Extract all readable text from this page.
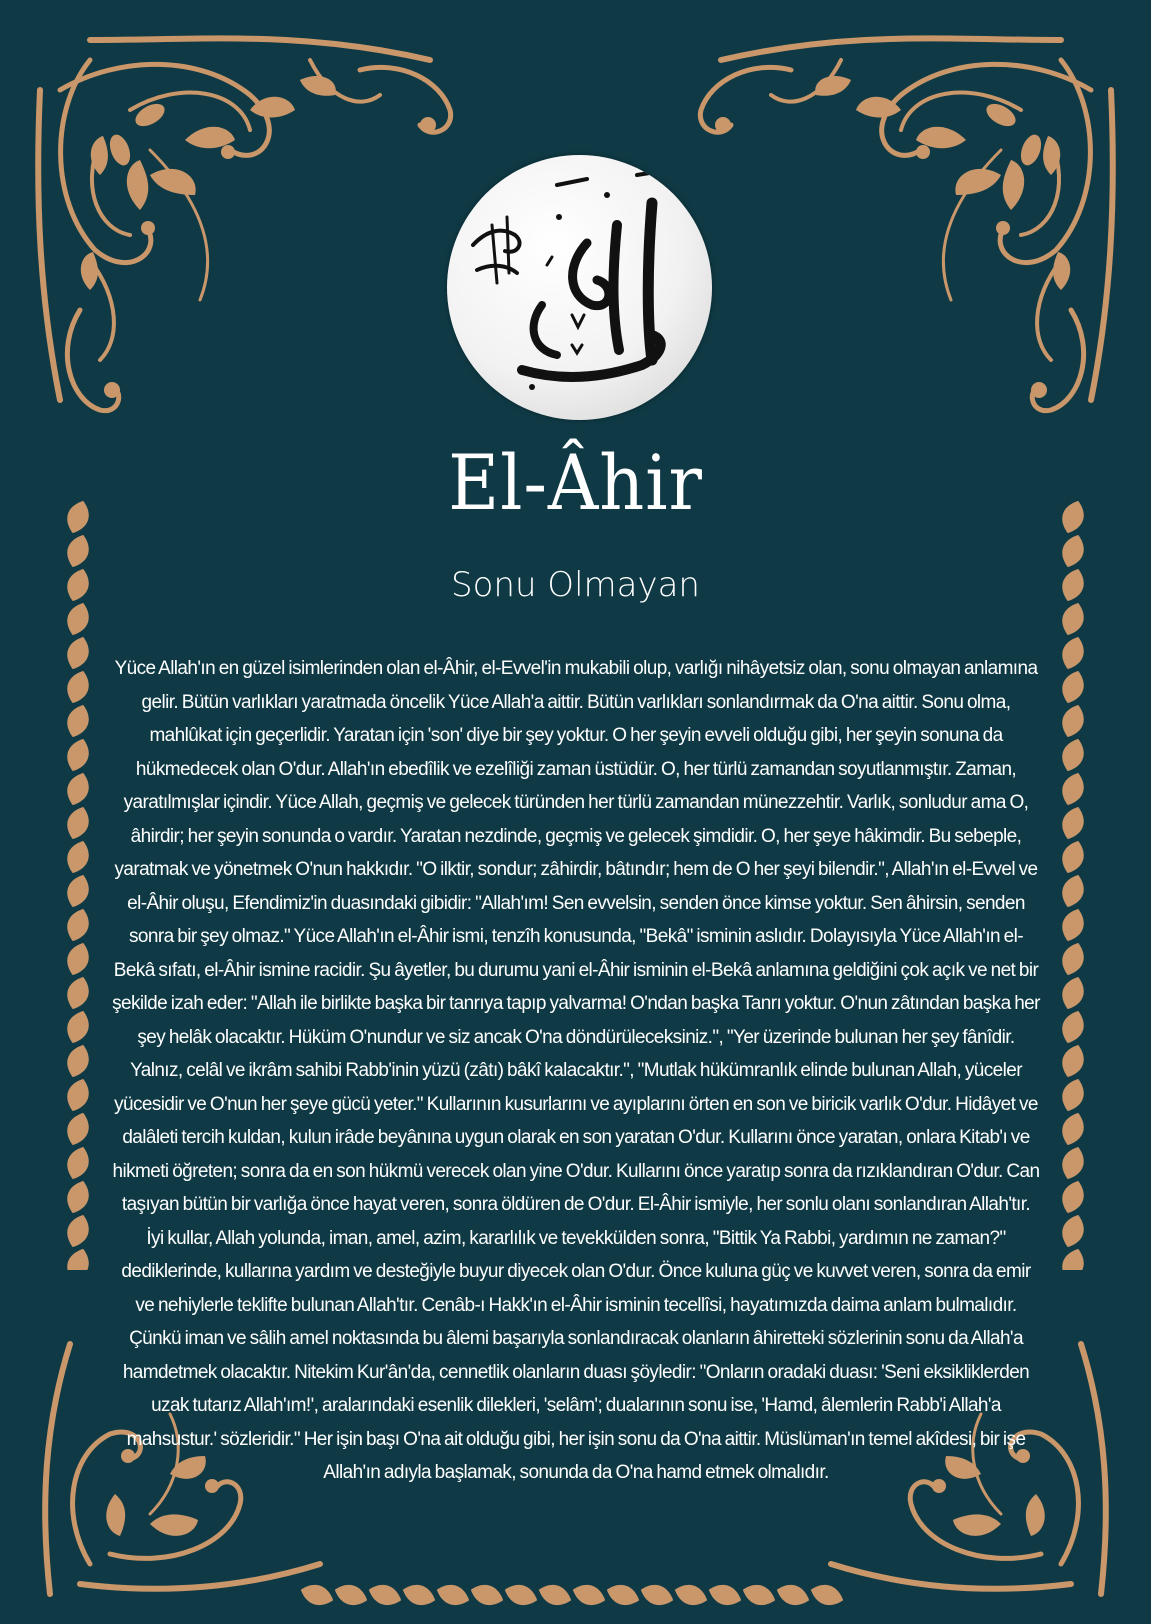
El-Âhir
Sonu Olmayan

Yüce Allah'ın en güzel isimlerinden olan el-Âhir, el-Evvel'in mukabili olup, varlığı nihâyetsiz olan, sonu olmayan anlamına gelir. Bütün varlıkları yaratmada öncelik Yüce Allah'a aittir. Bütün varlıkları sonlandırmak da O'na aittir. Sonu olma, mahlûkat için geçerlidir. Yaratan için 'son' diye bir şey yoktur. O her şeyin evveli olduğu gibi, her şeyin sonuna da hükmedecek olan O'dur. Allah'ın ebedîlik ve ezelîliği zaman üstüdür. O, her türlü zamandan soyutlanmıştır. Zaman, yaratılmışlar içindir. Yüce Allah, geçmiş ve gelecek türünden her türlü zamandan münezzehtir. Varlık, sonludur ama O, âhirdir; her şeyin sonunda o vardır. Yaratan nezdinde, geçmiş ve gelecek şimdidir. O, her şeye hâkimdir. Bu sebeple, yaratmak ve yönetmek O'nun hakkıdır. "O ilktir, sondur; zâhirdir, bâtındır; hem de O her şeyi bilendir.", Allah'ın el-Evvel ve el-Âhir oluşu, Efendimiz'in duasındaki gibidir: "Allah'ım! Sen evvelsin, senden önce kimse yoktur. Sen âhirsin, senden sonra bir şey olmaz." Yüce Allah'ın el-Âhir ismi, tenzîh konusunda, "Bekâ" isminin aslıdır. Dolayısıyla Yüce Allah'ın el-Bekâ sıfatı, el-Âhir ismine racidir. Şu âyetler, bu durumu yani el-Âhir isminin el-Bekâ anlamına geldiğini çok açık ve net bir şekilde izah eder: "Allah ile birlikte başka bir tanrıya tapıp yalvarma! O'ndan başka Tanrı yoktur. O'nun zâtından başka her şey helâk olacaktır. Hüküm O'nundur ve siz ancak O'na döndürüleceksiniz.", "Yer üzerinde bulunan her şey fânîdir. Yalnız, celâl ve ikrâm sahibi Rabb'inin yüzü (zâtı) bâkî kalacaktır.", "Mutlak hükümranlık elinde bulunan Allah, yüceler yücesidir ve O'nun her şeye gücü yeter." Kullarının kusurlarını ve ayıplarını örten en son ve biricik varlık O'dur. Hidâyet ve dalâleti tercih kuldan, kulun irâde beyânına uygun olarak en son yaratan O'dur. Kullarını önce yaratan, onlara Kitab'ı ve hikmeti öğreten; sonra da en son hükmü verecek olan yine O'dur. Kullarını önce yaratıp sonra da rızıklandıran O'dur. Can taşıyan bütün bir varlığa önce hayat veren, sonra öldüren de O'dur. El-Âhir ismiyle, her sonlu olanı sonlandıran Allah'tır. İyi kullar, Allah yolunda, iman, amel, azim, kararlılık ve tevekkülden sonra, "Bittik Ya Rabbi, yardımın ne zaman?" dediklerinde, kullarına yardım ve desteğiyle buyur diyecek olan O'dur. Önce kuluna güç ve kuvvet veren, sonra da emir ve nehiylerle teklifte bulunan Allah'tır. Cenâb-ı Hakk'ın el-Âhir isminin tecellîsi, hayatımızda daima anlam bulmalıdır. Çünkü iman ve sâlih amel noktasında bu âlemi başarıyla sonlandıracak olanların âhiretteki sözlerinin sonu da Allah'a hamdetmek olacaktır. Nitekim Kur'ân'da, cennetlik olanların duası şöyledir: "Onların oradaki duası: 'Seni eksikliklerden uzak tutarız Allah'ım!', aralarındaki esenlik dilekleri, 'selâm'; dualarının sonu ise, 'Hamd, âlemlerin Rabb'i Allah'a mahsustur.' sözleridir." Her işin başı O'na ait olduğu gibi, her işin sonu da O'na aittir. Müslüman'ın temel akîdesi, bir işe Allah'ın adıyla başlamak, sonunda da O'na hamd etmek olmalıdır.
